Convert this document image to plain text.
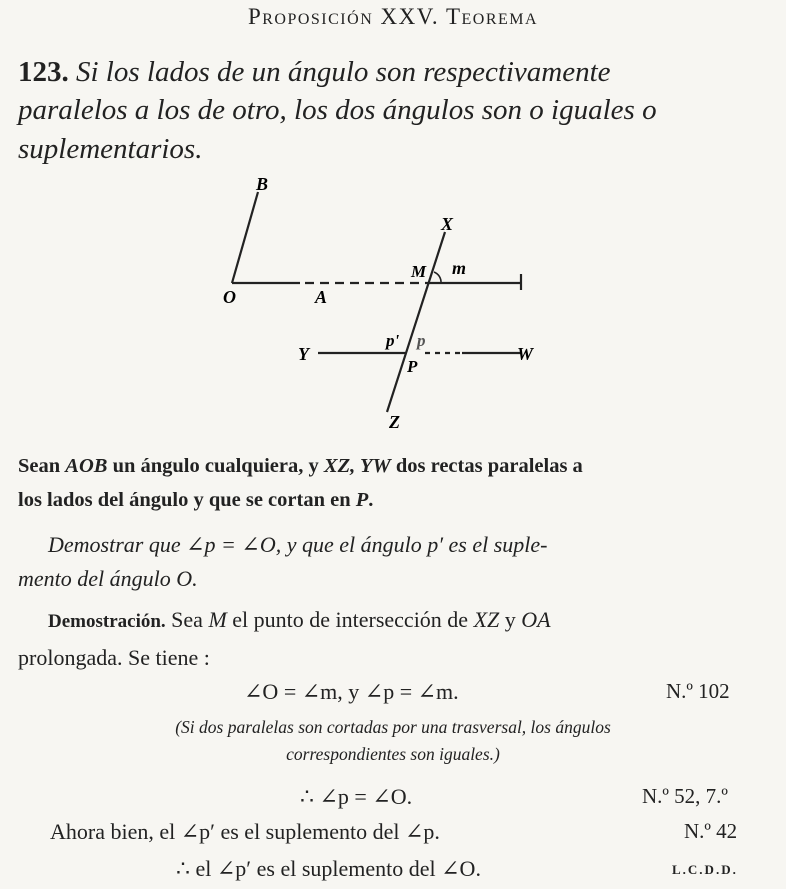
Proposición XXV. Teorema
123. Si los lados de un ángulo son respectivamente
paralelos a los de otro, los dos ángulos son o iguales o
suplementarios.
B
X
M m
O	A
Y
p' p
P
W
Z
Sean AOB un ángulo cualquiera, y XZ, YW dos rectas paralelas a
los lados del ángulo y que se cortan en P.
Demostrar que ∠p = ∠O, y que el ángulo p′ es el suple-
mento del ángulo O.
Demostración. Sea M el punto de intersección de XZ y OA
prolongada. Se tiene :
∠O = ∠m, y ∠p = ∠m.	N.º 102
(Si dos paralelas son cortadas por una trasversal, los ángulos
correspondientes son iguales.)
∴ ∠p = ∠O.	N.º 52, 7.º
Ahora bien, el ∠p′ es el suplemento del ∠p.	N.º 42
∴ el ∠p′ es el suplemento del ∠O.	L.C.D.D.
